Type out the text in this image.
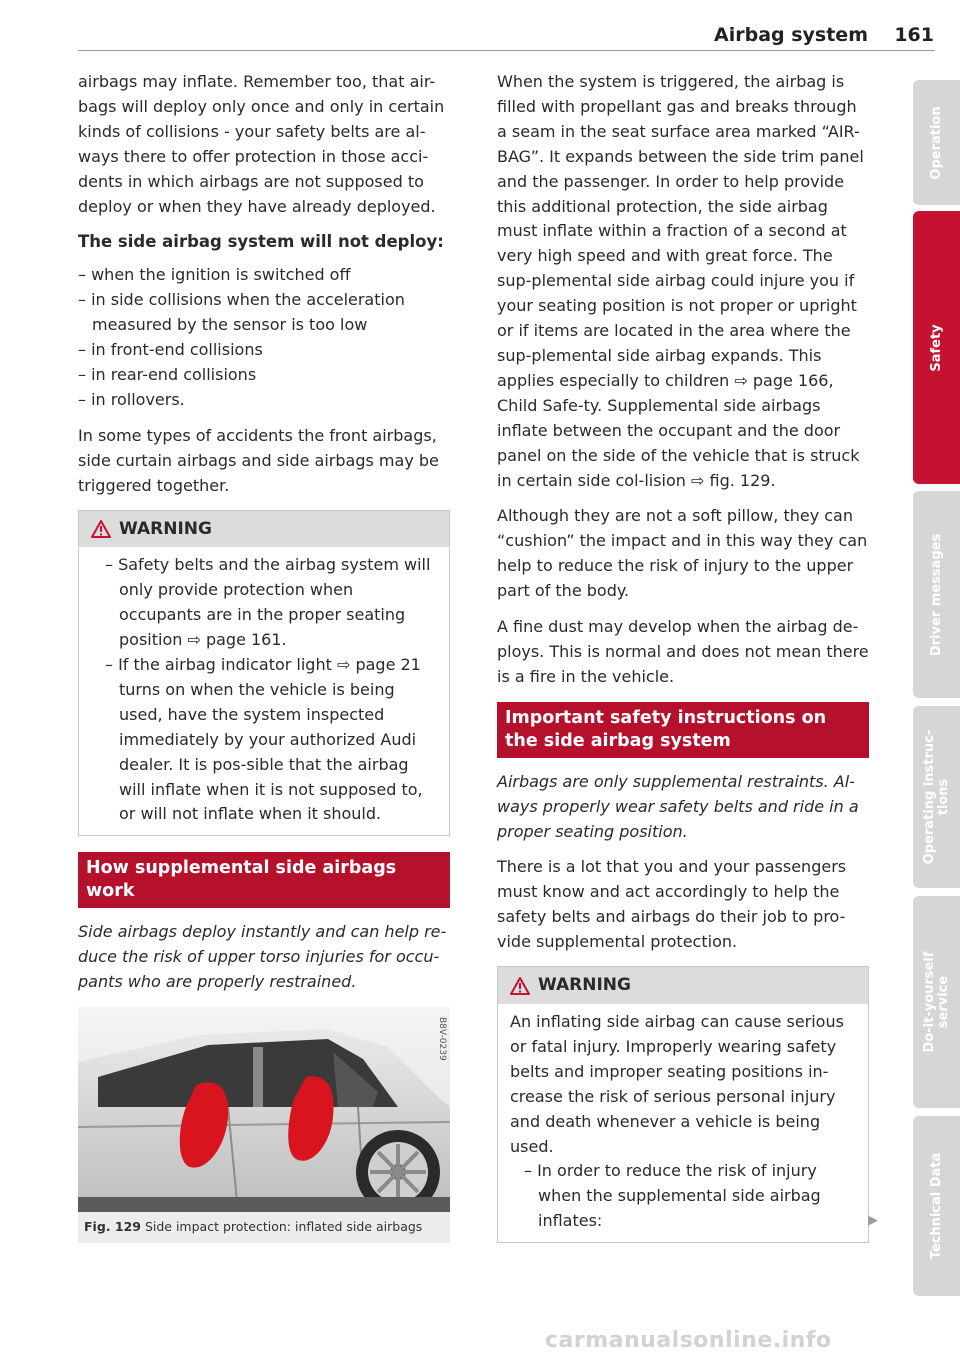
Airbag system 161

airbags may inflate. Remember too, that air-bags will deploy only once and only in certain kinds of collisions - your safety belts are al-ways there to offer protection in those acci-dents in which airbags are not supposed to deploy or when they have already deployed.

The side airbag system will not deploy:
– when the ignition is switched off
– in side collisions when the acceleration measured by the sensor is too low
– in front-end collisions
– in rear-end collisions
– in rollovers.

In some types of accidents the front airbags, side curtain airbags and side airbags may be triggered together.

WARNING
– Safety belts and the airbag system will only provide protection when occupants are in the proper seating position ⇨ page 161.
– If the airbag indicator light ⇨ page 21 turns on when the vehicle is being used, have the system inspected immediately by your authorized Audi dealer. It is pos-sible that the airbag will inflate when it is not supposed to, or will not inflate when it should.
How supplemental side airbags work

Side airbags deploy instantly and can help re-duce the risk of upper torso injuries for occu-pants who are properly restrained.

B8V-0239
Fig. 129 Side impact protection: inflated side airbags

When the system is triggered, the airbag is filled with propellant gas and breaks through a seam in the seat surface area marked “AIR-BAG”. It expands between the side trim panel and the passenger. In order to help provide this additional protection, the side airbag must inflate within a fraction of a second at very high speed and with great force. The sup-plemental side airbag could injure you if your seating position is not proper or upright or if items are located in the area where the sup-plemental side airbag expands. This applies especially to children ⇨ page 166, Child Safe-ty. Supplemental side airbags inflate between the occupant and the door panel on the side of the vehicle that is struck in certain side col-lision ⇨ fig. 129.

Although they are not a soft pillow, they can “cushion” the impact and in this way they can help to reduce the risk of injury to the upper part of the body.

A fine dust may develop when the airbag de-ploys. This is normal and does not mean there is a fire in the vehicle.

Important safety instructions on the side airbag system

Airbags are only supplemental restraints. Al-ways properly wear safety belts and ride in a proper seating position.

There is a lot that you and your passengers must know and act accordingly to help the safety belts and airbags do their job to pro-vide supplemental protection.

WARNING

An inflating side airbag can cause serious or fatal injury. Improperly wearing safety belts and improper seating positions in-crease the risk of serious personal injury and death whenever a vehicle is being used.

– In order to reduce the risk of injury when the supplemental side airbag inflates:	▶
Operation
Safety
Driver messages
Operating instruc-
tions
Do-it-yourself
service
Technical Data
carmanualsonline.info
